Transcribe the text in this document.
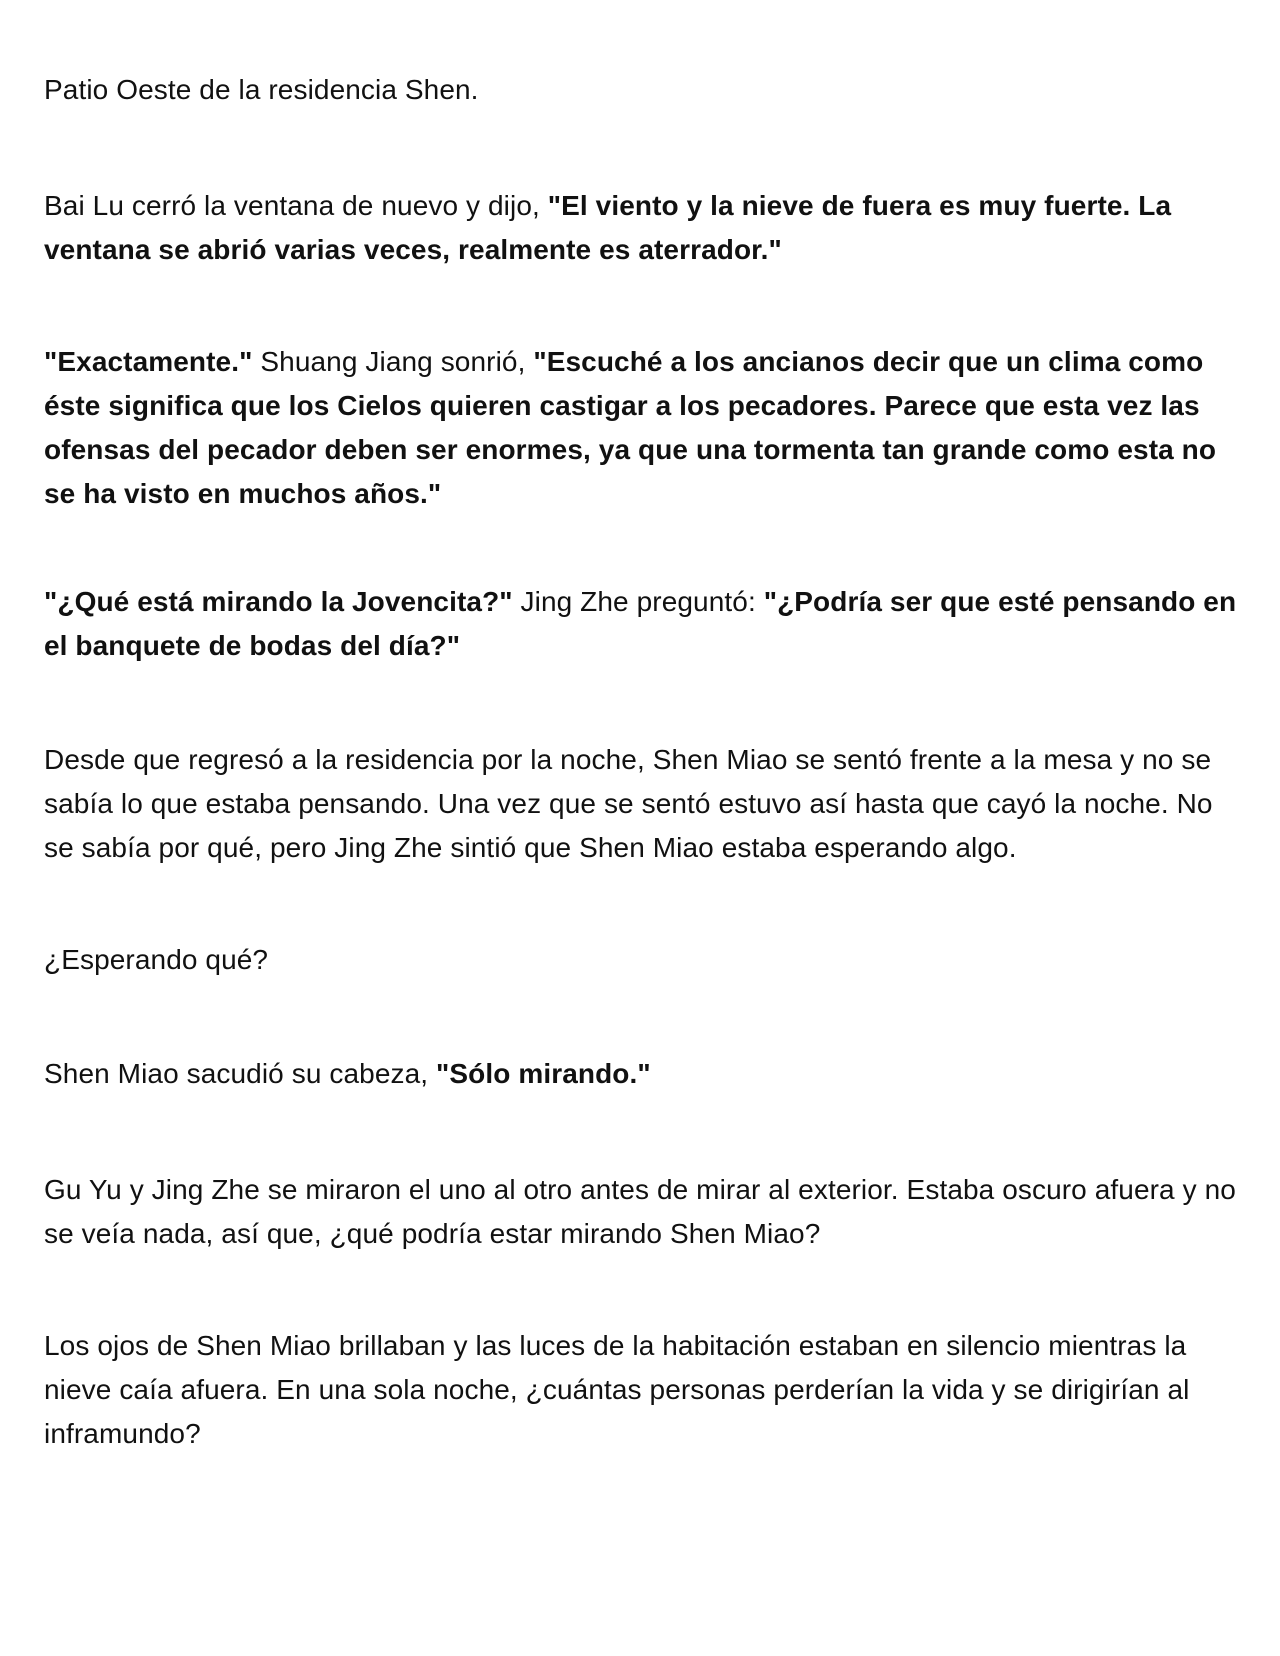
Patio Oeste de la residencia Shen.

Bai Lu cerró la ventana de nuevo y dijo, "El viento y la nieve de fuera es muy fuerte. La ventana se abrió varias veces, realmente es aterrador."

"Exactamente." Shuang Jiang sonrió, "Escuché a los ancianos decir que un clima como éste significa que los Cielos quieren castigar a los pecadores. Parece que esta vez las ofensas del pecador deben ser enormes, ya que una tormenta tan grande como esta no se ha visto en muchos años."

"¿Qué está mirando la Jovencita?" Jing Zhe preguntó: "¿Podría ser que esté pensando en el banquete de bodas del día?"

Desde que regresó a la residencia por la noche, Shen Miao se sentó frente a la mesa y no se sabía lo que estaba pensando. Una vez que se sentó estuvo así hasta que cayó la noche. No se sabía por qué, pero Jing Zhe sintió que Shen Miao estaba esperando algo.

¿Esperando qué?

Shen Miao sacudió su cabeza, "Sólo mirando."

Gu Yu y Jing Zhe se miraron el uno al otro antes de mirar al exterior. Estaba oscuro afuera y no se veía nada, así que, ¿qué podría estar mirando Shen Miao?

Los ojos de Shen Miao brillaban y las luces de la habitación estaban en silencio mientras la nieve caía afuera. En una sola noche, ¿cuántas personas perderían la vida y se dirigirían al inframundo?
